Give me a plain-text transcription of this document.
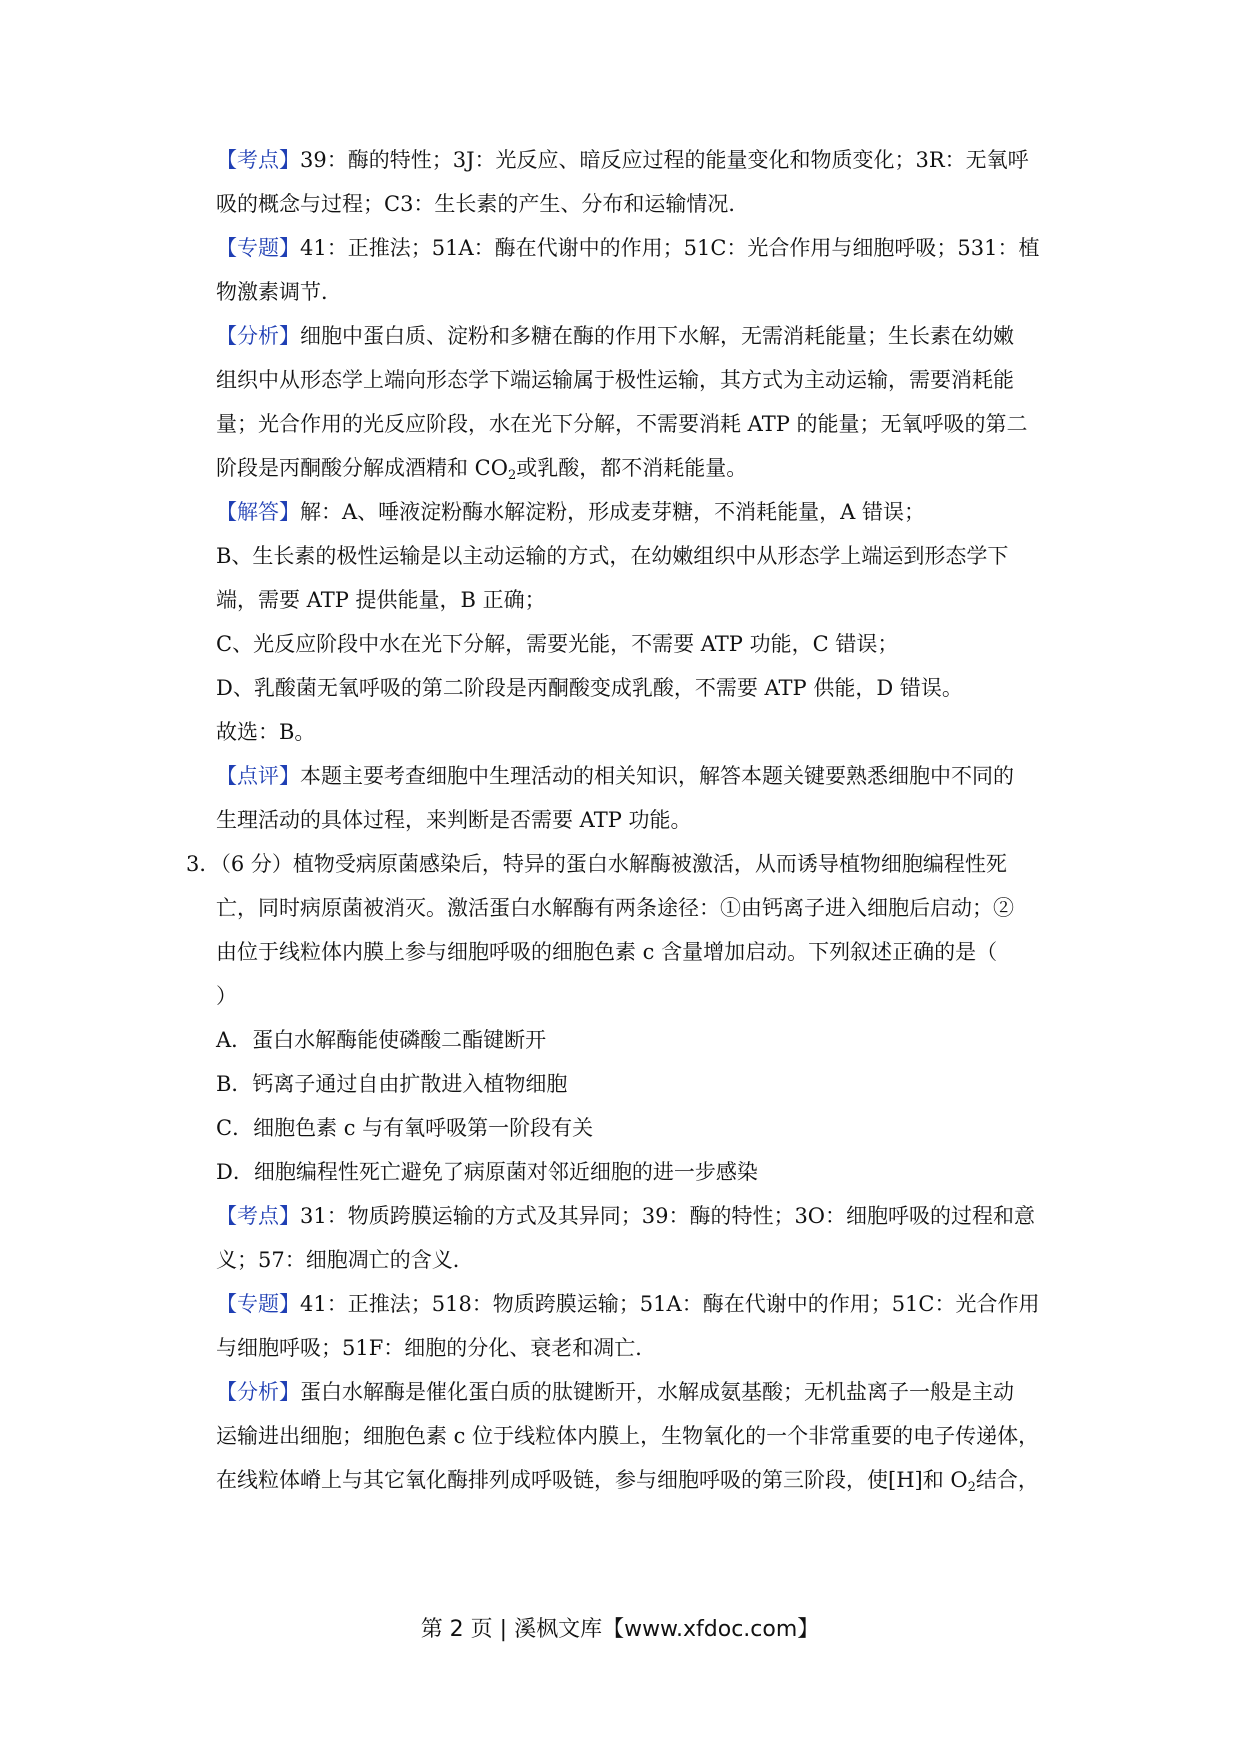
【考点】39：酶的特性；3J：光反应、暗反应过程的能量变化和物质变化；3R：无氧呼
吸的概念与过程；C3：生长素的产生、分布和运输情况．
【专题】41：正推法；51A：酶在代谢中的作用；51C：光合作用与细胞呼吸；531：植
物激素调节．
【分析】细胞中蛋白质、淀粉和多糖在酶的作用下水解，无需消耗能量；生长素在幼嫩
组织中从形态学上端向形态学下端运输属于极性运输，其方式为主动运输，需要消耗能
量；光合作用的光反应阶段，水在光下分解，不需要消耗 ATP 的能量；无氧呼吸的第二
阶段是丙酮酸分解成酒精和 $CO_2$或乳酸，都不消耗能量。
【解答】解：A、唾液淀粉酶水解淀粉，形成麦芽糖，不消耗能量，A 错误；
B、生长素的极性运输是以主动运输的方式，在幼嫩组织中从形态学上端运到形态学下
端，需要 ATP 提供能量，B 正确；
C、光反应阶段中水在光下分解，需要光能，不需要 ATP 功能，C 错误；
D、乳酸菌无氧呼吸的第二阶段是丙酮酸变成乳酸，不需要 ATP 供能，D 错误。
故选：B。
【点评】本题主要考查细胞中生理活动的相关知识，解答本题关键要熟悉细胞中不同的
生理活动的具体过程，来判断是否需要 ATP 功能。
3．（6 分）植物受病原菌感染后，特异的蛋白水解酶被激活，从而诱导植物细胞编程性死
亡，同时病原菌被消灭。激活蛋白水解酶有两条途径：①由钙离子进入细胞后启动；②
由位于线粒体内膜上参与细胞呼吸的细胞色素 c 含量增加启动。下列叙述正确的是（
）
A．蛋白水解酶能使磷酸二酯键断开
B．钙离子通过自由扩散进入植物细胞
C．细胞色素 c 与有氧呼吸第一阶段有关
D．细胞编程性死亡避免了病原菌对邻近细胞的进一步感染
【考点】31：物质跨膜运输的方式及其异同；39：酶的特性；3O：细胞呼吸的过程和意
义；57：细胞凋亡的含义．
【专题】41：正推法；518：物质跨膜运输；51A：酶在代谢中的作用；51C：光合作用
与细胞呼吸；51F：细胞的分化、衰老和凋亡．
【分析】蛋白水解酶是催化蛋白质的肽键断开，水解成氨基酸；无机盐离子一般是主动
运输进出细胞；细胞色素 c 位于线粒体内膜上，生物氧化的一个非常重要的电子传递体，
在线粒体嵴上与其它氧化酶排列成呼吸链，参与细胞呼吸的第三阶段，使[H]和 $O_2$结合，
第 2 页 | 溪枫文库【www.xfdoc.com】
